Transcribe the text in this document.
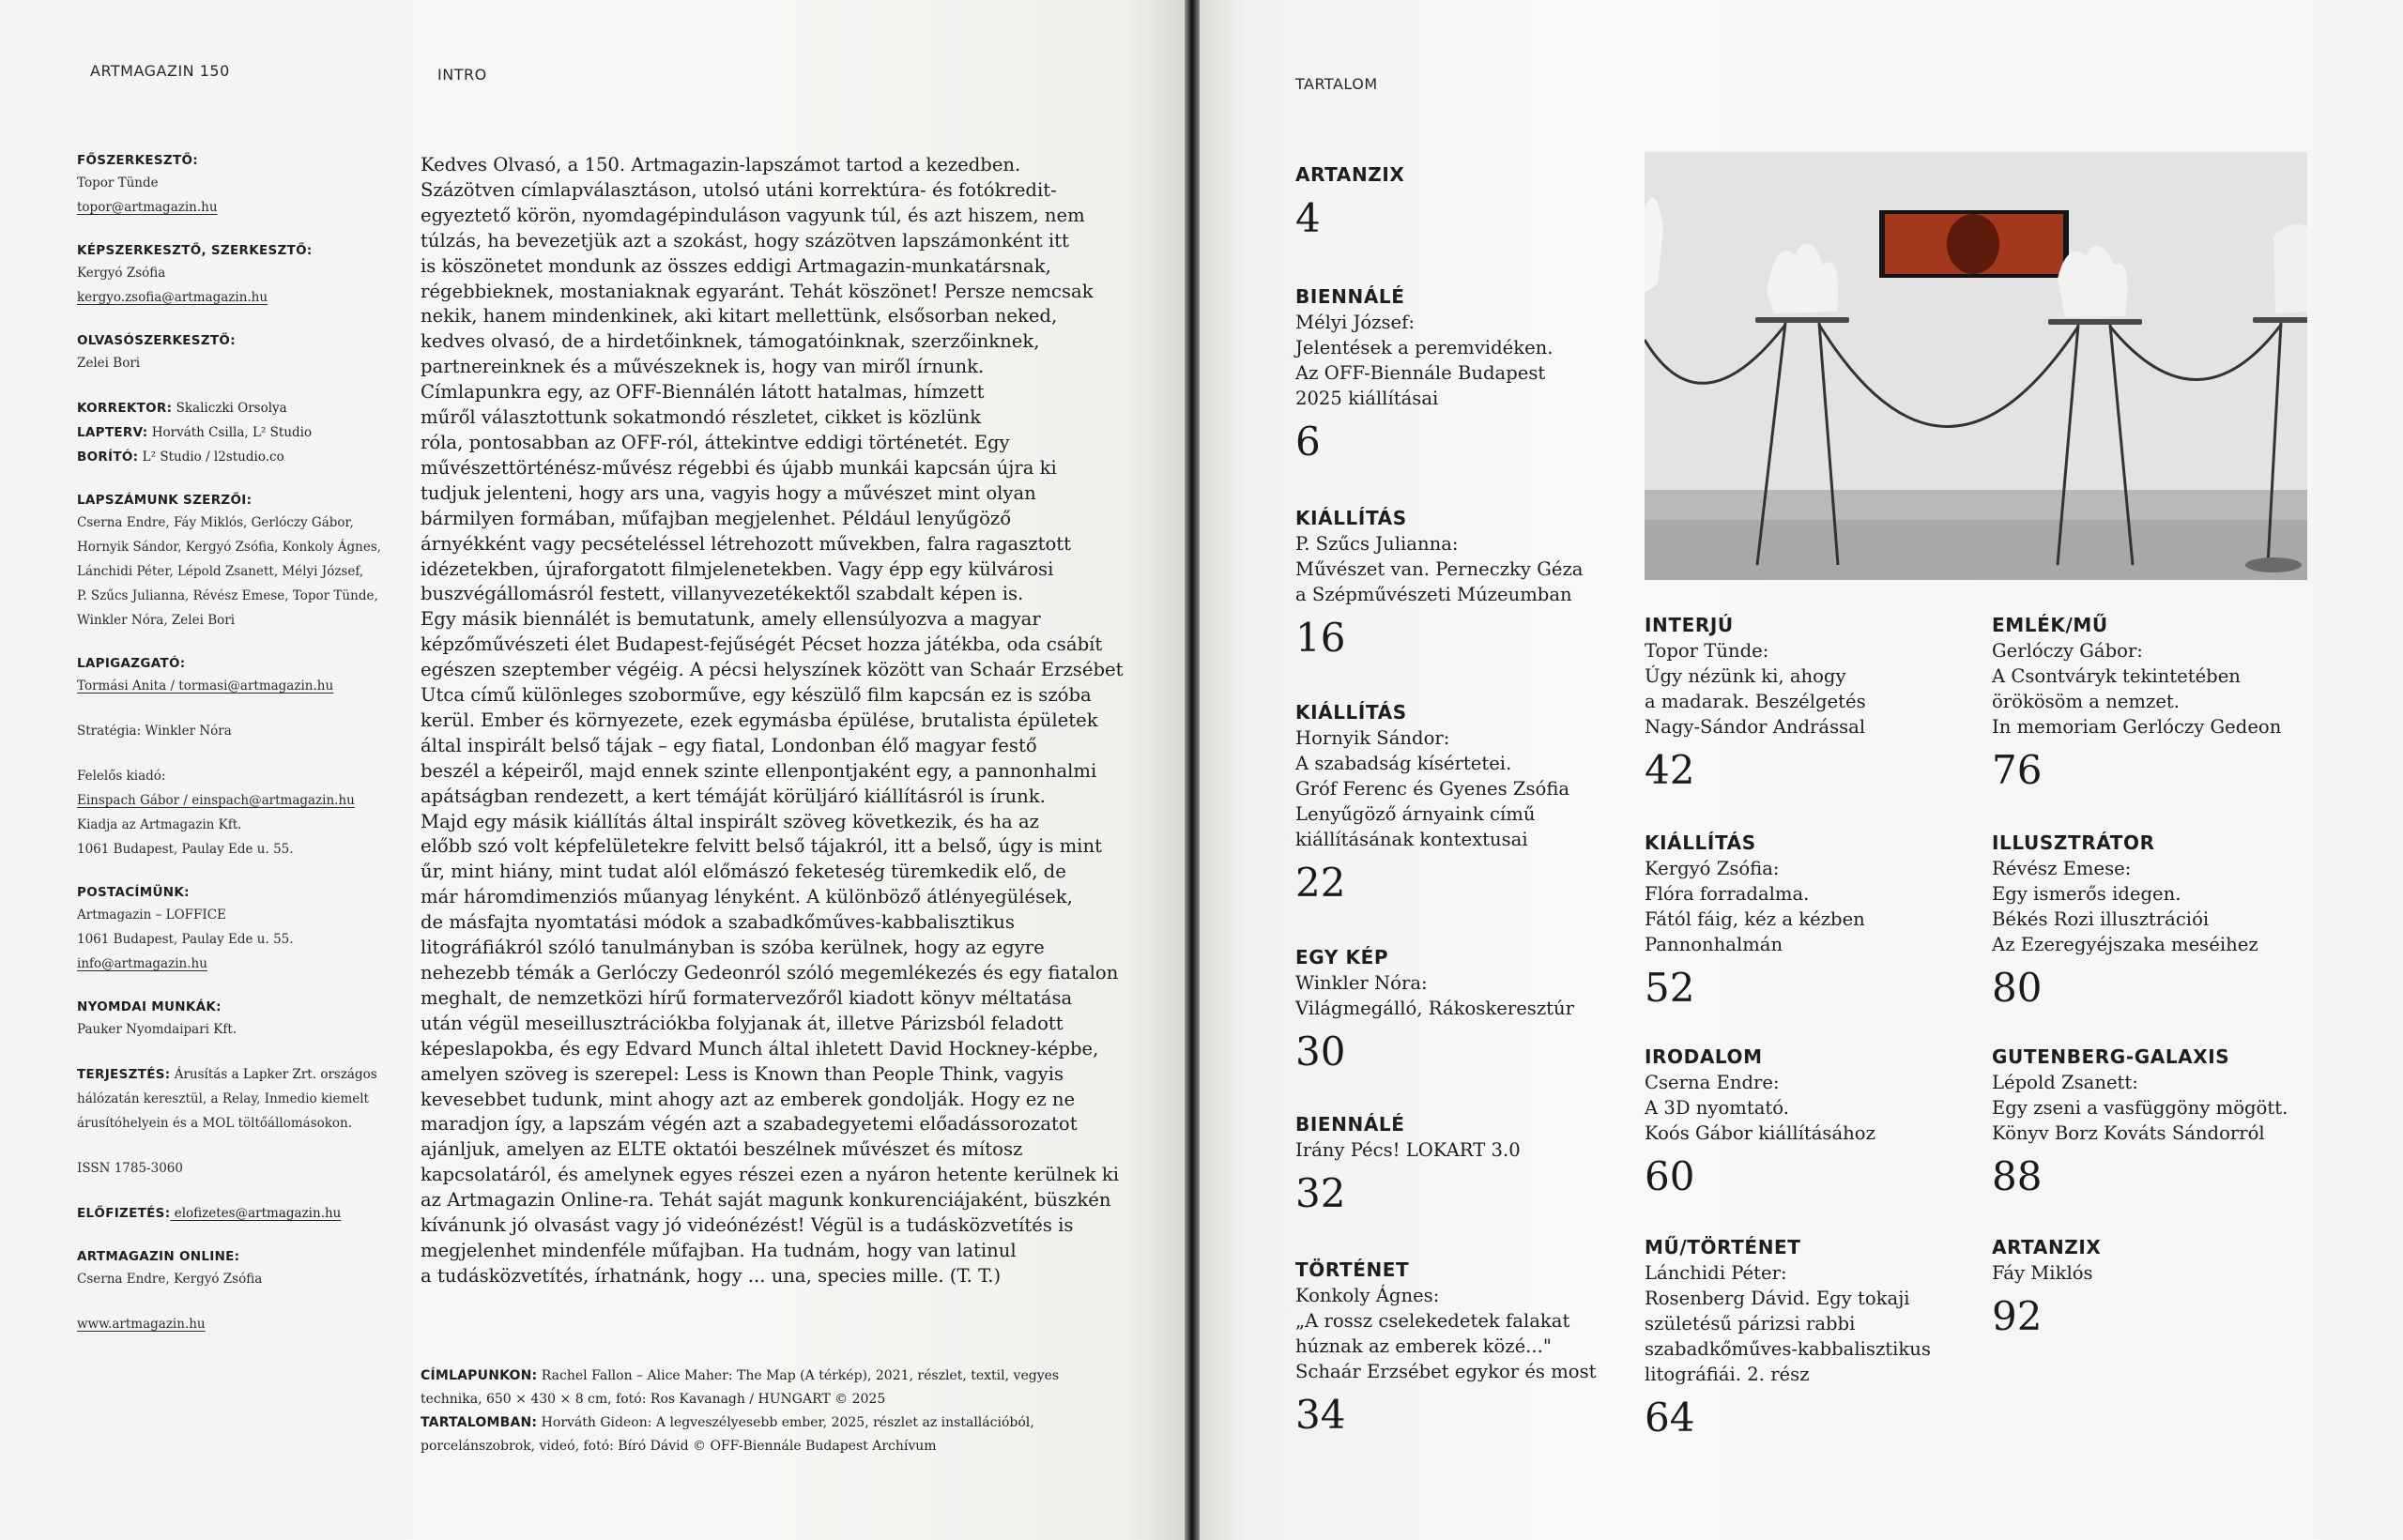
ARTMAGAZIN 150	INTRO
FŐSZERKESZTŐ:
Topor Tünde
topor@artmagazin.hu
KÉPSZERKESZTŐ, SZERKESZTŐ:
Kergyó Zsófia
kergyo.zsofia@artmagazin.hu
OLVASÓSZERKESZTŐ:
Zelei Bori
KORREKTOR: Skaliczki Orsolya
LAPTERV: Horváth Csilla, L² Studio
BORÍTÓ: L² Studio / l2studio.co
LAPSZÁMUNK SZERZŐI:
Cserna Endre, Fáy Miklós, Gerlóczy Gábor,
Hornyik Sándor, Kergyó Zsófia, Konkoly Ágnes,
Lánchidi Péter, Lépold Zsanett, Mélyi József,
P. Szűcs Julianna, Révész Emese, Topor Tünde,
Winkler Nóra, Zelei Bori
LAPIGAZGATÓ:
Tormási Anita / tormasi@artmagazin.hu
Stratégia: Winkler Nóra
Felelős kiadó:
Einspach Gábor / einspach@artmagazin.hu
Kiadja az Artmagazin Kft.
1061 Budapest, Paulay Ede u. 55.
POSTACÍMÜNK:
Artmagazin – LOFFICE
1061 Budapest, Paulay Ede u. 55.
info@artmagazin.hu
NYOMDAI MUNKÁK:
Pauker Nyomdaipari Kft.
TERJESZTÉS: Árusítás a Lapker Zrt. országos
hálózatán keresztül, a Relay, Inmedio kiemelt
árusítóhelyein és a MOL töltőállomásokon.
ISSN 1785-3060
ELŐFIZETÉS: elofizetes@artmagazin.hu
ARTMAGAZIN ONLINE:
Cserna Endre, Kergyó Zsófia
www.artmagazin.hu

Kedves Olvasó, a 150. Artmagazin-lapszámot tartod a kezedben.

Százötven címlapválasztáson, utolsó utáni korrektúra- és fotókredit-

egyeztető körön, nyomdagépinduláson vagyunk túl, és azt hiszem, nem

túlzás, ha bevezetjük azt a szokást, hogy százötven lapszámonként itt

is köszönetet mondunk az összes eddigi Artmagazin-munkatársnak,

régebbieknek, mostaniaknak egyaránt. Tehát köszönet! Persze nemcsak

nekik, hanem mindenkinek, aki kitart mellettünk, elsősorban neked,

kedves olvasó, de a hirdetőinknek, támogatóinknak, szerzőinknek,

partnereinknek és a művészeknek is, hogy van miről írnunk.

Címlapunkra egy, az OFF-Biennálén látott hatalmas, hímzett

műről választottunk sokatmondó részletet, cikket is közlünk

róla, pontosabban az OFF-ról, áttekintve eddigi történetét. Egy

művészettörténész-művész régebbi és újabb munkái kapcsán újra ki

tudjuk jelenteni, hogy ars una, vagyis hogy a művészet mint olyan

bármilyen formában, műfajban megjelenhet. Például lenyűgöző

árnyékként vagy pecsételéssel létrehozott művekben, falra ragasztott

idézetekben, újraforgatott filmjelenetekben. Vagy épp egy külvárosi

buszvégállomásról festett, villanyvezetékektől szabdalt képen is.

Egy másik biennálét is bemutatunk, amely ellensúlyozva a magyar

képzőművészeti élet Budapest-fejűségét Pécset hozza játékba, oda csábít

egészen szeptember végéig. A pécsi helyszínek között van Schaár Erzsébet

Utca című különleges szoborműve, egy készülő film kapcsán ez is szóba

kerül. Ember és környezete, ezek egymásba épülése, brutalista épületek

által inspirált belső tájak – egy fiatal, Londonban élő magyar festő

beszél a képeiről, majd ennek szinte ellenpontjaként egy, a pannonhalmi

apátságban rendezett, a kert témáját körüljáró kiállításról is írunk.

Majd egy másik kiállítás által inspirált szöveg következik, és ha az

előbb szó volt képfelületekre felvitt belső tájakról, itt a belső, úgy is mint

űr, mint hiány, mint tudat alól előmászó feketeség türemkedik elő, de

már háromdimenziós műanyag lényként. A különböző átlényegülések,

de másfajta nyomtatási módok a szabadkőműves-kabbalisztikus

litográfiákról szóló tanulmányban is szóba kerülnek, hogy az egyre

nehezebb témák a Gerlóczy Gedeonról szóló megemlékezés és egy fiatalon

meghalt, de nemzetközi hírű formatervezőről kiadott könyv méltatása

után végül meseillusztrációkba folyjanak át, illetve Párizsból feladott

képeslapokba, és egy Edvard Munch által ihletett David Hockney-képbe,

amelyen szöveg is szerepel: Less is Known than People Think, vagyis

kevesebbet tudunk, mint ahogy azt az emberek gondolják. Hogy ez ne

maradjon így, a lapszám végén azt a szabadegyetemi előadássorozatot

ajánljuk, amelyen az ELTE oktatói beszélnek művészet és mítosz

kapcsolatáról, és amelynek egyes részei ezen a nyáron hetente kerülnek ki

az Artmagazin Online-ra. Tehát saját magunk konkurenciájaként, büszkén

kívánunk jó olvasást vagy jó videónézést! Végül is a tudásközvetítés is

megjelenhet mindenféle műfajban. Ha tudnám, hogy van latinul

a tudásközvetítés, írhatnánk, hogy ... una, species mille. (T. T.)

CÍMLAPUNKON: Rachel Fallon – Alice Maher: The Map (A térkép), 2021, részlet, textil, vegyes
technika, 650 × 430 × 8 cm, fotó: Ros Kavanagh / HUNGART © 2025
TARTALOMBAN: Horváth Gideon: A legveszélyesebb ember, 2025, részlet az installációból,
porcelánszobrok, videó, fotó: Bíró Dávid © OFF-Biennále Budapest Archívum
TARTALOM
ARTANZIX
4
BIENNÁLÉ
Mélyi József:
Jelentések a peremvidéken.
Az OFF-Biennále Budapest
2025 kiállításai
6
KIÁLLÍTÁS
P. Szűcs Julianna:
Művészet van. Perneczky Géza
a Szépművészeti Múzeumban
16
KIÁLLÍTÁS
Hornyik Sándor:
A szabadság kísértetei.
Gróf Ferenc és Gyenes Zsófia
Lenyűgöző árnyaink című
kiállításának kontextusai
22
EGY KÉP
Winkler Nóra:
Világmegálló, Rákoskeresztúr
30
BIENNÁLÉ
Irány Pécs! LOKART 3.0
32
TÖRTÉNET
Konkoly Ágnes:
„A rossz cselekedetek falakat
húznak az emberek közé..."
Schaár Erzsébet egykor és most
34
INTERJÚ
Topor Tünde:
Úgy nézünk ki, ahogy
a madarak. Beszélgetés
Nagy-Sándor Andrással
42
KIÁLLÍTÁS
Kergyó Zsófia:
Flóra forradalma.
Fától fáig, kéz a kézben
Pannonhalmán
52
IRODALOM
Cserna Endre:
A 3D nyomtató.
Koós Gábor kiállításához
60
MŰ/TÖRTÉNET
Lánchidi Péter:
Rosenberg Dávid. Egy tokaji
születésű párizsi rabbi
szabadkőműves-kabbalisztikus
litográfiái. 2. rész
64
EMLÉK/MŰ
Gerlóczy Gábor:
A Csontváryk tekintetében
örökösöm a nemzet.
In memoriam Gerlóczy Gedeon
76
ILLUSZTRÁTOR
Révész Emese:
Egy ismerős idegen.
Békés Rozi illusztrációi
Az Ezeregyéjszaka meséihez
80
GUTENBERG-GALAXIS
Lépold Zsanett:
Egy zseni a vasfüggöny mögött.
Könyv Borz Kováts Sándorról
88
ARTANZIX
Fáy Miklós
92
